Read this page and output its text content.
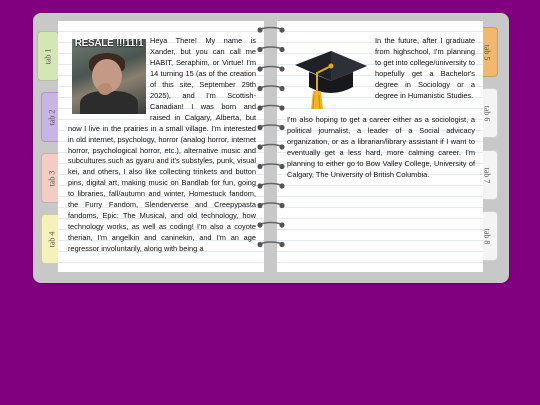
tab 1
tab 2
tab 3
tab 4
tab 5
tab 6
tab 7
tab 8
RESALE !!!11!1 Heya There! My name is Xander, but you can call me HABIT, Seraphim, or Virtue! I'm 14 turning 15 (as of the creation of this site, September 29th 2025), and I'm Scottish-Canadian! I was born and raised in Calgary, Alberta, but now I live in the prairies in a small village. I'm interested in old internet, psychology, horror (analog horror, internet horror, psychological horror, etc.), alternative music and subcultures such as gyaru and it's substyles, punk, visual kei, and others, I also like collecting trinkets and button pins, digital art, making music on Bandlab for fun, going to libraries, fall/autumn and winter, Homestuck fandom, the Furry Fandom, Slenderverse and Creepypasta fandoms, Epic: The Musical, and old technology, how technology works, as well as coding! I'm also a coyote therian, I'm angelkin and caninekin, and I'm an age regressor involuntarily, along with being a
In the future, after I graduate from highschool, I'm planning to get into college/university to hopefully get a Bachelor's degree in Sociology or a degree in Humanistic Studies.
I'm also hoping to get a career either as a sociologist, a political journalist, a leader of a Social advicacy organization, or as a librarian/library assistant if I want to eventually get a less hard, more calming career. I'm planning to either go to Bow Valley College, University of Calgary, The University of British Columbia.
